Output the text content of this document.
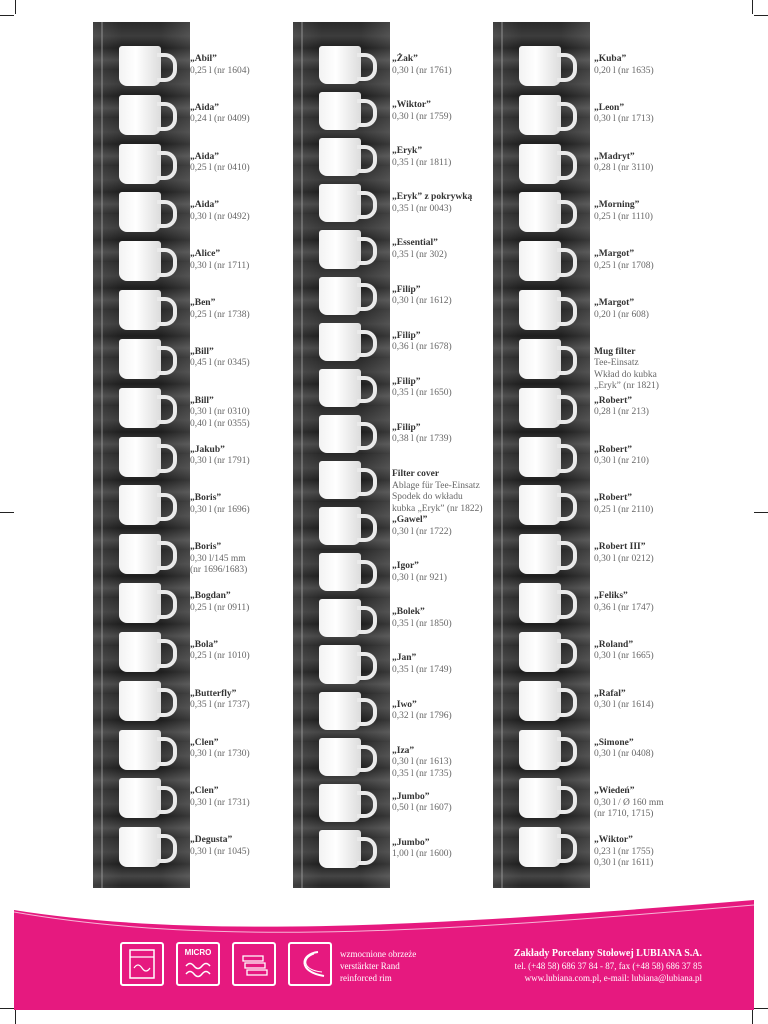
„Abil”
0,25 l (nr 1604)
„Aida”
0,24 l (nr 0409)
„Aida”
0,25 l (nr 0410)
„Aida”
0,30 l (nr 0492)
„Alice”
0,30 l (nr 1711)
„Ben”
0,25 l (nr 1738)
„Bill”
0,45 l (nr 0345)
„Bill”
0,30 l (nr 0310)
0,40 l (nr 0355)
„Jakub”
0,30 l (nr 1791)
„Boris”
0,30 l (nr 1696)
„Boris”
0,30 l/145 mm
(nr 1696/1683)
„Bogdan”
0,25 l (nr 0911)
„Bola”
0,25 l (nr 1010)
„Butterfly”
0,35 l (nr 1737)
„Clen”
0,30 l (nr 1730)
„Clen”
0,30 l (nr 1731)
„Degusta”
0,30 l (nr 1045)
„Żak”
0,30 l (nr 1761)
„Wiktor”
0,30 l (nr 1759)
„Eryk”
0,35 l (nr 1811)
„Eryk” z pokrywką
0,35 l (nr 0043)
„Essential”
0,35 l (nr 302)
„Filip”
0,30 l (nr 1612)
„Filip”
0,36 l (nr 1678)
„Filip”
0,35 l (nr 1650)
„Filip”
0,38 l (nr 1739)
Filter cover
Ablage für Tee-Einsatz
Spodek do wkładu
kubka „Eryk” (nr 1822)
„Gawel”
0,30 l (nr 1722)
„Igor”
0,30 l (nr 921)
„Bolek”
0,35 l (nr 1850)
„Jan”
0,35 l (nr 1749)
„Iwo”
0,32 l (nr 1796)
„Iza”
0,30 l (nr 1613)
0,35 l (nr 1735)
„Jumbo”
0,50 l (nr 1607)
„Jumbo”
1,00 l (nr 1600)
„Kuba”
0,20 l (nr 1635)
„Leon”
0,30 l (nr 1713)
„Madryt”
0,28 l (nr 3110)
„Morning”
0,25 l (nr 1110)
„Margot”
0,25 l (nr 1708)
„Margot”
0,20 l (nr 608)
Mug filter
Tee-Einsatz
Wkład do kubka
„Eryk” (nr 1821)
„Robert”
0,28 l (nr 213)
„Robert”
0,30 l (nr 210)
„Robert”
0,25 l (nr 2110)
„Robert III”
0,30 l (nr 0212)
„Feliks”
0,36 l (nr 1747)
„Roland”
0,30 l (nr 1665)
„Rafal”
0,30 l (nr 1614)
„Simone”
0,30 l (nr 0408)
„Wiedeń”
0,30 l / Ø 160 mm
(nr 1710, 1715)
„Wiktor”
0,23 l (nr 1755)
0,30 l (nr 1611)
MICRO	wzmocnione obrzeże
verstärkter Rand
reinforced rim
Zakłady Porcelany Stołowej LUBIANA S.A.
tel. (+48 58) 686 37 84 - 87, fax (+48 58) 686 37 85
www.lubiana.com.pl, e-mail: lubiana@lubiana.pl
